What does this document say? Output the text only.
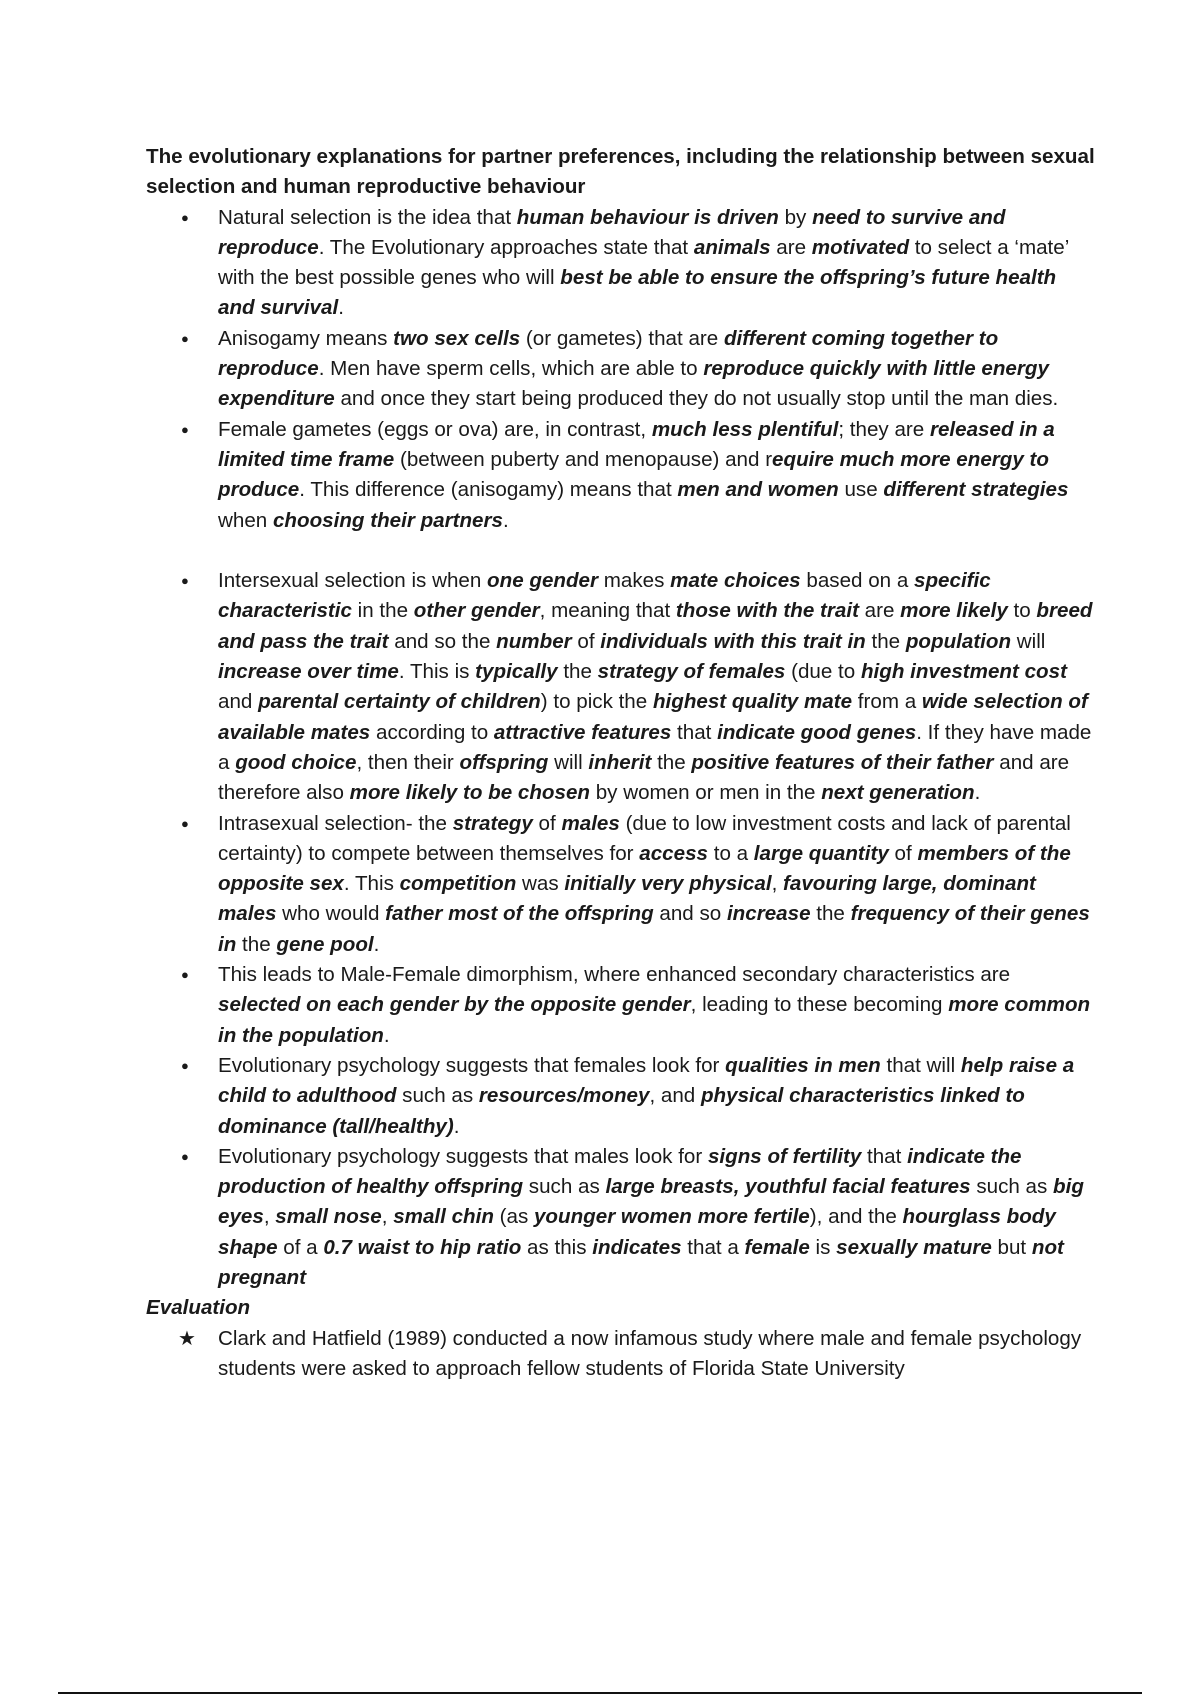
The evolutionary explanations for partner preferences, including the relationship between sexual selection and human reproductive behaviour

● Natural selection is the idea that human behaviour is driven by need to survive and reproduce. The Evolutionary approaches state that animals are motivated to select a ‘mate’ with the best possible genes who will best be able to ensure the offspring’s future health and survival.
● Anisogamy means two sex cells (or gametes) that are different coming together to reproduce. Men have sperm cells, which are able to reproduce quickly with little energy expenditure and once they start being produced they do not usually stop until the man dies.
● Female gametes (eggs or ova) are, in contrast, much less plentiful; they are released in a limited time frame (between puberty and menopause) and require much more energy to produce. This difference (anisogamy) means that men and women use different strategies when choosing their partners.
● Intersexual selection is when one gender makes mate choices based on a specific characteristic in the other gender, meaning that those with the trait are more likely to breed and pass the trait and so the number of individuals with this trait in the population will increase over time. This is typically the strategy of females (due to high investment cost and parental certainty of children) to pick the highest quality mate from a wide selection of available mates according to attractive features that indicate good genes. If they have made a good choice, then their offspring will inherit the positive features of their father and are therefore also more likely to be chosen by women or men in the next generation.
● Intrasexual selection- the strategy of males (due to low investment costs and lack of parental certainty) to compete between themselves for access to a large quantity of members of the opposite sex. This competition was initially very physical, favouring large, dominant males who would father most of the offspring and so increase the frequency of their genes in the gene pool.
● This leads to Male-Female dimorphism, where enhanced secondary characteristics are selected on each gender by the opposite gender, leading to these becoming more common in the population.
● Evolutionary psychology suggests that females look for qualities in men that will help raise a child to adulthood such as resources/money, and physical characteristics linked to dominance (tall/healthy).
● Evolutionary psychology suggests that males look for signs of fertility that indicate the production of healthy offspring such as large breasts, youthful facial features such as big eyes, small nose, small chin (as younger women more fertile), and the hourglass body shape of a 0.7 waist to hip ratio as this indicates that a female is sexually mature but not pregnant

Evaluation

★ Clark and Hatfield (1989) conducted a now infamous study where male and female psychology students were asked to approach fellow students of Florida State University
